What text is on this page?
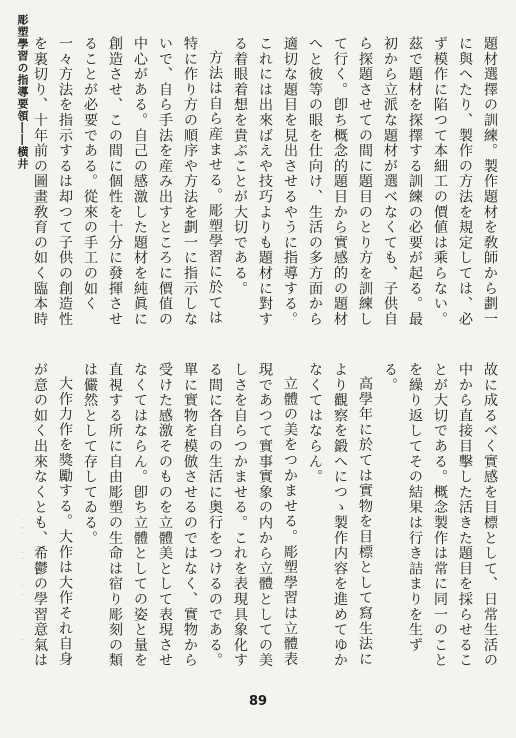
彫塑學習の指導要領――横井	題材選擇の訓練。製作題材を敎師から劃一に與へたり、製作の方法を規定しては、必ず模作に陷つて本細工の價値は乘らない。茲で題材を探擇する訓練の必要が起る。最初から立派な題材が選べなくても、子供自ら探題させての間に題目のとり方を訓練して行く。卽ち概念的題目から實感的の題材へと彼等の眼を仕向け、生活の多方面から適切な題目を見出させるやうに指導する。これには出來ばえや技巧よりも題材に對する着眼着想を貴ぶことが大切である。

方法は自ら産ませる。彫塑學習に於ては特に作り方の順序や方法を劃一に指示しないで、自ら手法を産み出すところに價值の中心がある。自己の感激した題材を純眞に創造させ、この間に個性を十分に發揮させることが必要である。從來の手工の如く一々方法を指示するは却つて子供の創造性を裏切り、十年前の圖畫敎育の如く臨本時

故に成るべく實感を目標として、日常生活の中から直接目擊した活きた題目を採らせることが大切である。概念製作は常に同一のことを繰り返してその結果は行き詰まりを生ずる。

高學年に於ては實物を目標として寫生法により觀察を鍛へにつゝ製作内容を進めてゆかなくてはならん。

立體の美をつかませる。彫塑學習は立體表現であつて實事實象の内から立體としての美しさを自らつかませる。これを表現具象化する間に各自の生活に奥行をつけるのである。單に實物を模倣させるのではなく、實物から受けた感激そのものを立體美として表現させなくてはならん。卽ち立體としての姿と量を直視する所に自由彫塑の生命は宿り彫刻の類は儼然として存してゐる。

大作力作を獎勵する。大作は大作それ自身が意の如く出來なくとも、希鬱の學習意氣は

89
